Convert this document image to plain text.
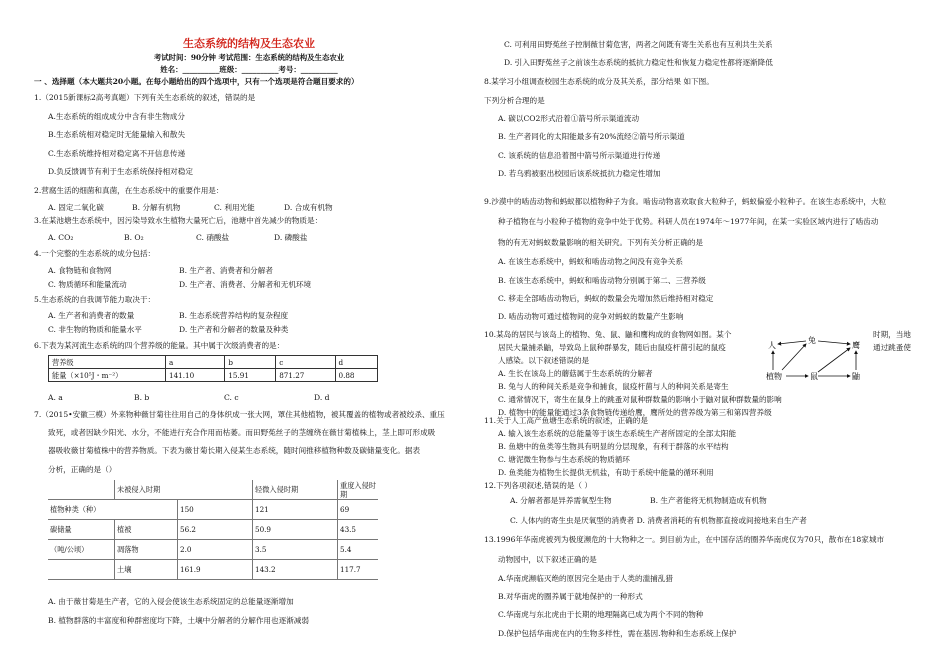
生态系统的结构及生态农业
考试时间：90分钟 考试范围：生态系统的结构及生态农业
姓名：__________班级：__________考号：__________
一 、选择题（本大题共20小题。在每小题给出的四个选项中，只有一个选项是符合题目要求的）
1.（2015新课标2高考真题）下列有关生态系统的叙述，错误的是
A.生态系统的组成成分中含有非生物成分
B.生态系统相对稳定时无能量输入和散失
C.生态系统维持相对稳定离不开信息传递
D.负反馈调节有利于生态系统保持相对稳定
2.营腐生活的细菌和真菌，在生态系统中的重要作用是：
A. 固定二氧化碳	B. 分解有机物	C. 利用光能	D. 合成有机物
3.在某池塘生态系统中，因污染导致水生植物大量死亡后，池塘中首先减少的物质是：
A. CO₂	B. O₂	C. 硝酸盐	D. 磷酸盐
4.一个完整的生态系统的成分包括：
A. 食物链和食物网	B. 生产者、消费者和分解者
C. 物质循环和能量流动	D. 生产者、消费者、分解者和无机环境
5.生态系统的自我调节能力取决于：
A. 生产者和消费者的数量	B. 生态系统营养结构的复杂程度
C. 非生物的物质和能量水平	D. 生产者和分解者的数量及种类
6.下表为某河流生态系统的四个营养级的能量。其中属于次级消费者的是：
营养级	a	b	c	d
能量（×10⁵J・m⁻²）	141.10	15.91	871.27	0.88
A. a	B. b	C. c	D. d
7.（2015•安徽三模）外来物种薇甘菊往往用自己的身体织成一张大网，罩住其他植物，被其覆盖的植物或者被绞杀、重压
致死，或者因缺少阳光、水分，不能进行充合作用而枯萎。而田野菟丝子的茎缠绕在薇甘菊植株上，茎上即可形成吸
器吸收薇甘菊植株中的营养物质。下表为薇甘菊长期入侵某生态系统，随时间推移植物种数及碳储量变化。据表
分析，正确的是（）
	未被侵入时期		轻微入侵时期	重度入侵时期
植物种类（种）		150	121	69
碳储量	植被	56.2	50.9	43.5
（吨/公顷）	凋落物	2.0	3.5	5.4
	土壤	161.9	143.2	117.7
A. 由于薇甘菊是生产者，它的入侵会使该生态系统固定的总能量逐渐增加
B. 植物群落的丰富度和种群密度均下降，土壤中分解者的分解作用也逐渐减弱
C. 可利用田野菟丝子控制薇甘菊危害，两者之间既有寄生关系也有互利共生关系
D. 引入田野菟丝子之前该生态系统的抵抗力稳定性和恢复力稳定性都将逐渐降低
8.某学习小组调查校园生态系统的成分及其关系，部分结果 如下图。
下列分析合理的是
A. 碳以CO2形式沿着①箭号所示渠道流动
B. 生产者同化的太阳能最多有20%流经②箭号所示渠道
C. 该系统的信息沿着图中箭号所示渠道进行传递
D. 若乌鸦被驱出校园后该系统抵抗力稳定性增加
9.沙漠中的啮齿动物和蚂蚁都以植物种子为食。啮齿动物喜欢取食大粒种子，蚂蚁偏爱小粒种子。在该生态系统中，大粒
种子植物在与小粒种子植物的竞争中处于优势。科研人员在1974年～1977年间，在某一实验区域内进行了啮齿动
物的有无对蚂蚁数量影响的相关研究。下列有关分析正确的是
A. 在该生态系统中，蚂蚁和啮齿动物之间没有竞争关系
B. 在该生态系统中，蚂蚁和啮齿动物分别属于第二、三营养级
C. 移走全部啮齿动物后，蚂蚁的数量会先增加然后维持相对稳定
D. 啮齿动物可通过植物间的竞争对蚂蚁的数量产生影响
10.某岛的居民与该岛上的植物、兔、鼠、鼬和鹰构成的食物网如图。某个
居民大量捕杀鼬，导致岛上鼠种群暴发，随后由鼠疫杆菌引起的鼠疫
人感染。以下叙述错误的是
时期，当地
通过跳蚤使
A. 生长在该岛上的蘑菇属于生态系统的分解者
B. 兔与人的种间关系是竞争和捕食，鼠疫杆菌与人的种间关系是寄生
C. 通常情况下，寄生在鼠身上的跳蚤对鼠种群数量的影响小于鼬对鼠种群数量的影响
D. 植物中的能量能通过3条食物链传递给鹰，鹰所处的营养级为第三和第四营养级
人
兔
鹰
植物	鼠	鼬
11.关于人工高产鱼塘生态系统的叙述，正确的是
A. 输入该生态系统的总能量等于该生态系统生产者所固定的全部太阳能
B. 鱼塘中的鱼类等生物具有明显的分层现象，有利于群落的水平结构
C. 塘泥微生物参与生态系统的物质循环
D. 鱼类能为植物生长提供无机盐，有助于系统中能量的循环利用
12.下列各项叙述,错误的是（ ）
A. 分解者都是异养需氧型生物	B. 生产者能将无机物制造成有机物
C. 人体内的寄生虫是厌氧型的消费者 D. 消费者消耗的有机物都直接或间接地来自生产者
13.1996年华南虎被列为极度濒危的十大物种之一。到目前为止，在中国存活的圈养华南虎仅为70只，散布在18家城市
动物园中，以下叙述正确的是
A.华南虎濒临灭绝的原因完全是由于人类的滥捕乱猎
B.对华南虎的圈养属于就地保护的一种形式
C.华南虎与东北虎由于长期的地理隔离已成为两个不同的物种
D.保护包括华南虎在内的生物多样性，需在基因.物种和生态系统上保护
